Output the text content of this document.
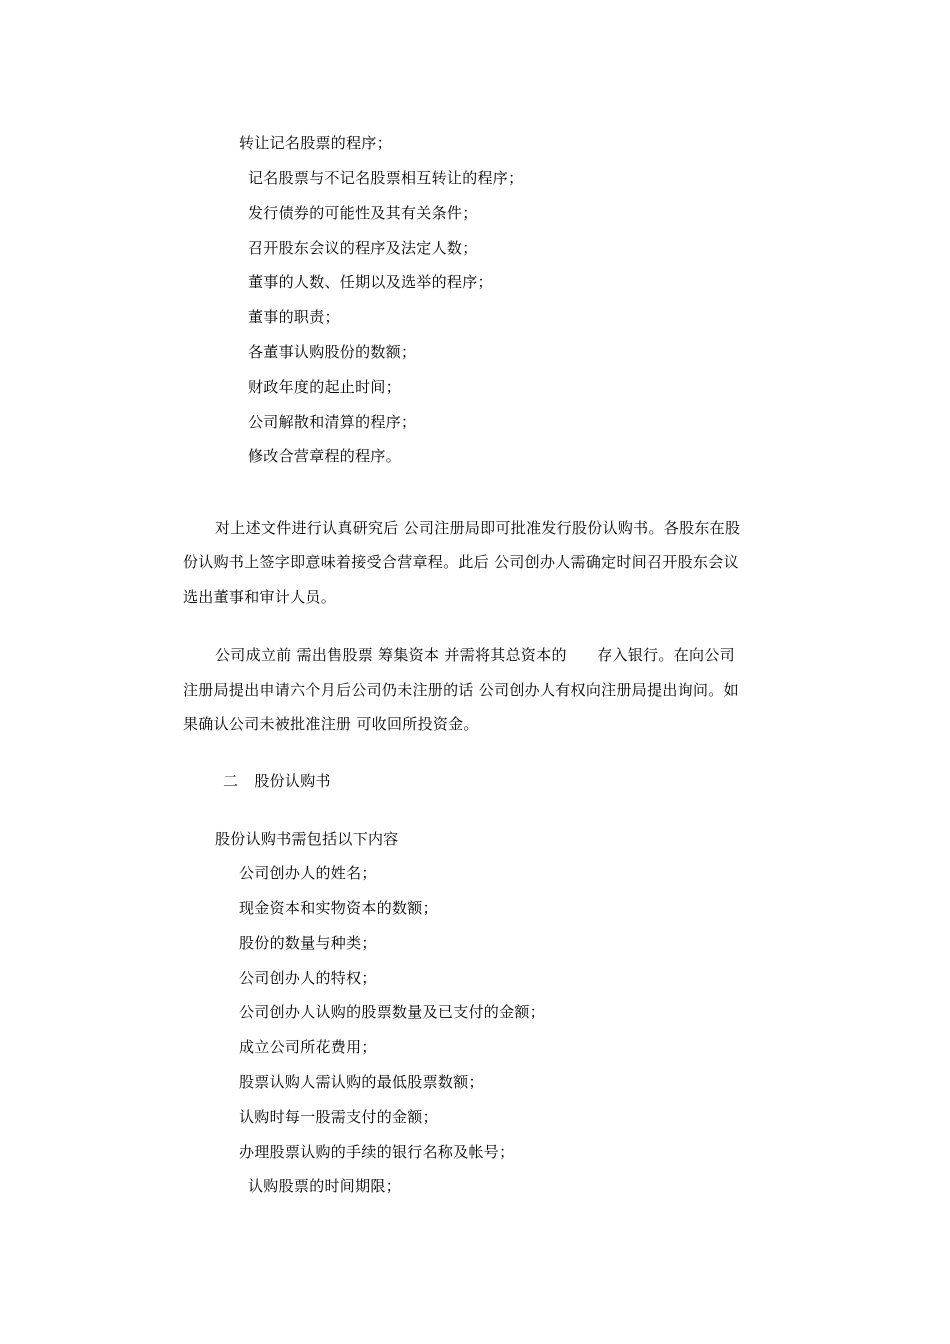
转让记名股票的程序；
记名股票与不记名股票相互转让的程序；
发行债券的可能性及其有关条件；
召开股东会议的程序及法定人数；
董事的人数、任期以及选举的程序；
董事的职责；
各董事认购股份的数额；
财政年度的起止时间；
公司解散和清算的程序；
修改合营章程的程序。
对上述文件进行认真研究后 公司注册局即可批准发行股份认购书。各股东在股
份认购书上签字即意味着接受合营章程。此后 公司创办人需确定时间召开股东会议
选出董事和审计人员。
公司成立前 需出售股票 筹集资本 并需将其总资本的      存入银行。在向公司
注册局提出申请六个月后公司仍未注册的话 公司创办人有权向注册局提出询问。如
果确认公司未被批准注册 可收回所投资金。
二 股份认购书
股份认购书需包括以下内容
公司创办人的姓名；
现金资本和实物资本的数额；
股份的数量与种类；
公司创办人的特权；
公司创办人认购的股票数量及已支付的金额；
成立公司所花费用；
股票认购人需认购的最低股票数额；
认购时每一股需支付的金额；
办理股票认购的手续的银行名称及帐号；
认购股票的时间期限；
